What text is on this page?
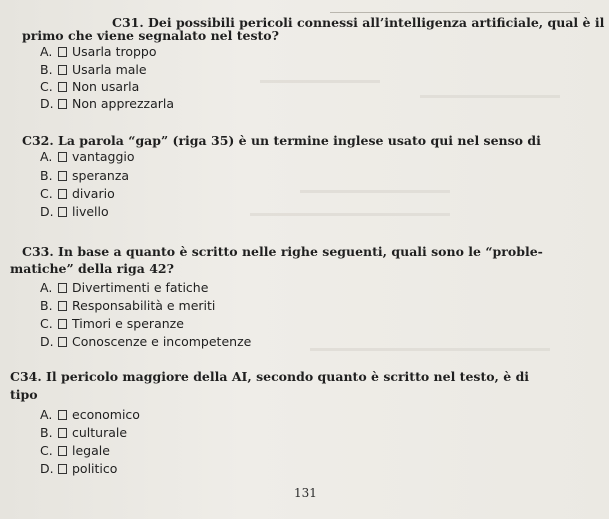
C31. Dei possibili pericoli connessi all’intelligenza artificiale, qual è il
primo che viene segnalato nel testo?
A.	Usarla troppo
B.	Usarla male
C.	Non usarla
D.	Non apprezzarla
C32. La parola “gap” (riga 35) è un termine inglese usato qui nel senso di
A.	vantaggio
B.	speranza
C.	divario
D.	livello
C33. In base a quanto è scritto nelle righe seguenti, quali sono le “proble-
matiche” della riga 42?
A.	Divertimenti e fatiche
B.	Responsabilità e meriti
C.	Timori e speranze
D.	Conoscenze e incompetenze
C34. Il pericolo maggiore della AI, secondo quanto è scritto nel testo, è di
tipo
A.	economico
B.	culturale
C.	legale
D.	politico
131
